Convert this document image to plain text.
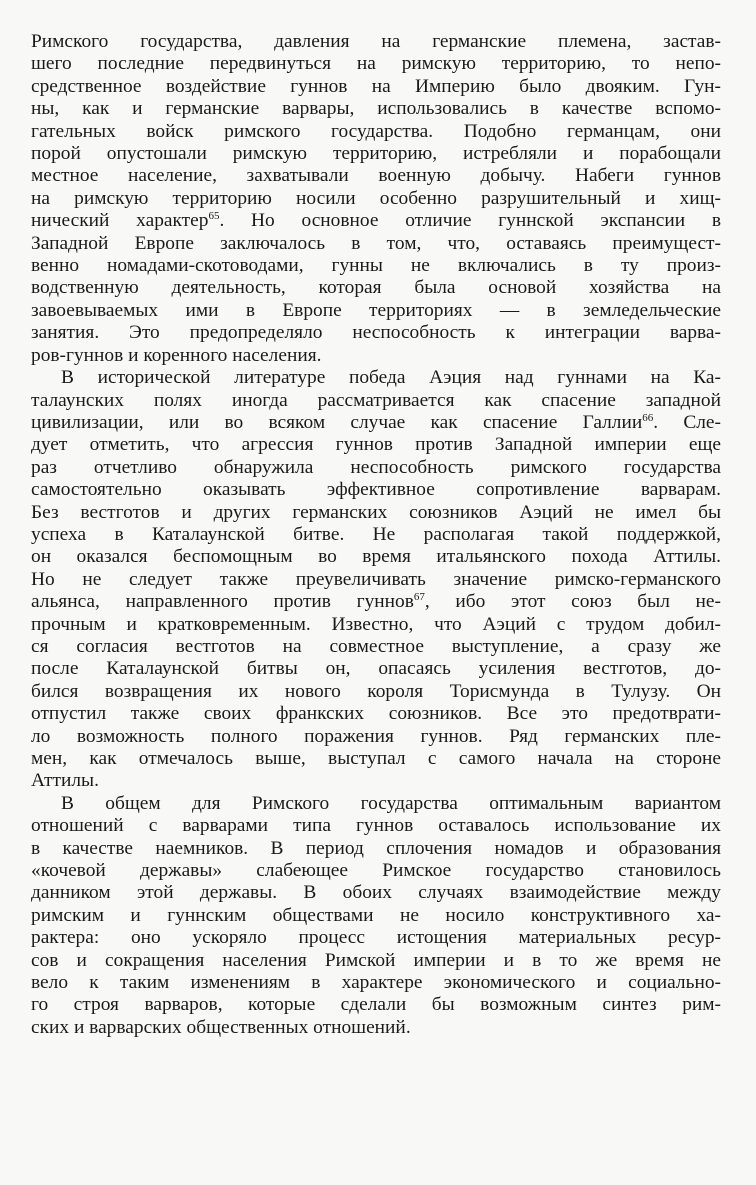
Римского государства, давления на германские племена, застав-
шего последние передвинуться на римскую территорию, то непо-
средственное воздействие гуннов на Империю было двояким. Гун-
ны, как и германские варвары, использовались в качестве вспомо-
гательных войск римского государства. Подобно германцам, они
порой опустошали римскую территорию, истребляли и порабощали
местное население, захватывали военную добычу. Набеги гуннов
на римскую территорию носили особенно разрушительный и хищ-
нический характер$^{65}$. Но основное отличие гуннской экспансии в
Западной Европе заключалось в том, что, оставаясь преимущест-
венно номадами-скотоводами, гунны не включались в ту произ-
водственную деятельность, которая была основой хозяйства на
завоевываемых ими в Европе территориях — в земледельческие
занятия. Это предопределяло неспособность к интеграции варва-
ров-гуннов и коренного населения.
В исторической литературе победа Аэция над гуннами на Ка-
талаунских полях иногда рассматривается как спасение западной
цивилизации, или во всяком случае как спасение Галлии$^{66}$. Сле-
дует отметить, что агрессия гуннов против Западной империи еще
раз отчетливо обнаружила неспособность римского государства
самостоятельно оказывать эффективное сопротивление варварам.
Без вестготов и других германских союзников Аэций не имел бы
успеха в Каталаунской битве. Не располагая такой поддержкой,
он оказался беспомощным во время итальянского похода Аттилы.
Но не следует также преувеличивать значение римско-германского
альянса, направленного против гуннов$^{67}$, ибо этот союз был не-
прочным и кратковременным. Известно, что Аэций с трудом добил-
ся согласия вестготов на совместное выступление, а сразу же
после Каталаунской битвы он, опасаясь усиления вестготов, до-
бился возвращения их нового короля Торисмунда в Тулузу. Он
отпустил также своих франкских союзников. Все это предотврати-
ло возможность полного поражения гуннов. Ряд германских пле-
мен, как отмечалось выше, выступал с самого начала на стороне
Аттилы.
В общем для Римского государства оптимальным вариантом
отношений с варварами типа гуннов оставалось использование их
в качестве наемников. В период сплочения номадов и образования
«кочевой державы» слабеющее Римское государство становилось
данником этой державы. В обоих случаях взаимодействие между
римским и гуннским обществами не носило конструктивного ха-
рактера: оно ускоряло процесс истощения материальных ресур-
сов и сокращения населения Римской империи и в то же время не
вело к таким изменениям в характере экономического и социально-
го строя варваров, которые сделали бы возможным синтез рим-
ских и варварских общественных отношений.
